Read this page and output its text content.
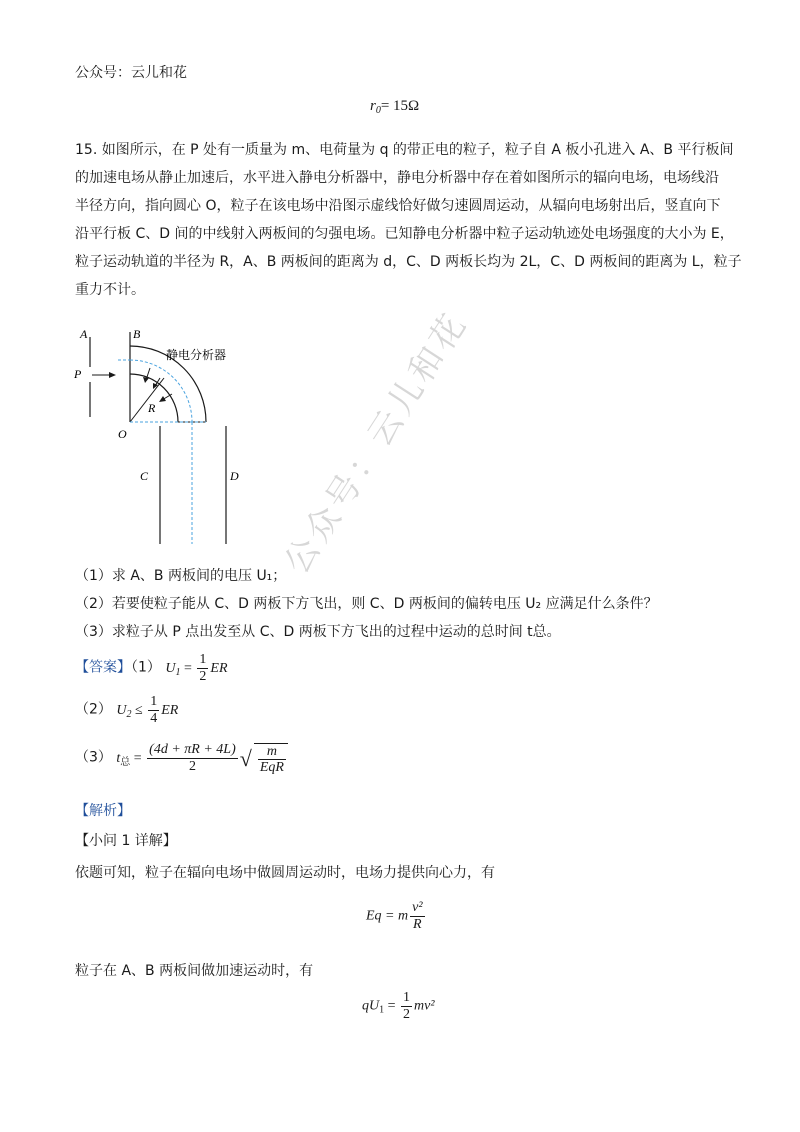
公众号：云儿和花
$r_0= 15\Omega$
15. 如图所示，在 P 处有一质量为 m、电荷量为 q 的带正电的粒子，粒子自 A 板小孔进入 A、B 平行板间
的加速电场从静止加速后，水平进入静电分析器中，静电分析器中存在着如图所示的辐向电场，电场线沿
半径方向，指向圆心 O，粒子在该电场中沿图示虚线恰好做匀速圆周运动，从辐向电场射出后，竖直向下
沿平行板 C、D 间的中线射入两板间的匀强电场。已知静电分析器中粒子运动轨迹处电场强度的大小为 E，
粒子运动轨道的半径为 R，A、B 两板间的距离为 d，C、D 两板长均为 2L，C、D 两板间的距离为 L，粒子
重力不计。
A	B
P
O
R
C	D
静电分析器 公众号：云儿和花
（1）求 A、B 两板间的电压 U₁；
（2）若要使粒子能从 C、D 两板下方飞出，则 C、D 两板间的偏转电压 U₂ 应满足什么条件？
（3）求粒子从 P 点出发至从 C、D 两板下方飞出的过程中运动的总时间 t总。
【答案】（1） $U_1 = \frac{1}{2}$ ER
（2） $U_2 \le \frac{1}{4}$ ER
（3） $t_总 = \frac{(4d + \pi R + 4L)}{2}$ √ $\frac{m}{\text{EqR}}$
【解析】
【小问 1 详解】
依题可知，粒子在辐向电场中做圆周运动时，电场力提供向心力，有
Eq = m $\frac{\text{v²}}{R}$
粒子在 A、B 两板间做加速运动时，有
$qU_1 = \frac{1}{2} mv^2$
